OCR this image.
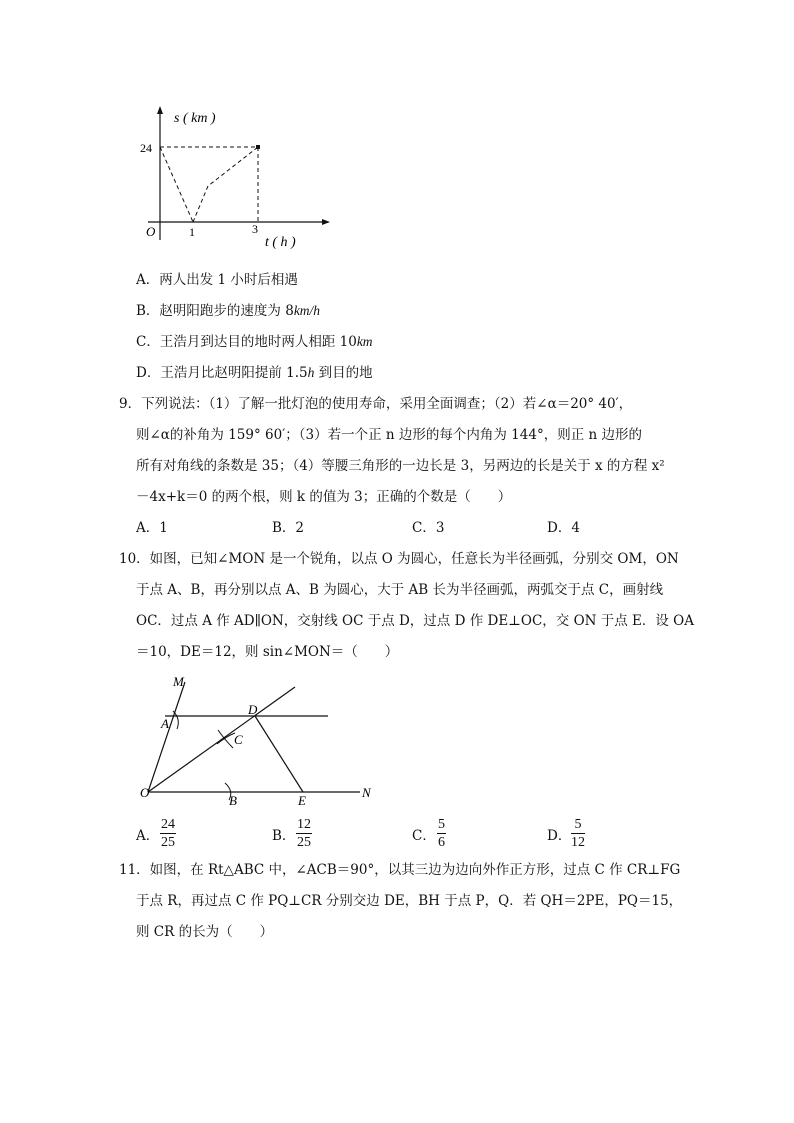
s ( km )
t ( h )
O
24
1	3
A．两人出发 1 小时后相遇
B．赵明阳跑步的速度为 8km/h
C．王浩月到达目的地时两人相距 10km
D．王浩月比赵明阳提前 1.5h 到目的地
9．下列说法：（1）了解一批灯泡的使用寿命，采用全面调查；（2）若∠α＝20° 40′，
则∠α的补角为 159° 60′；（3）若一个正 n 边形的每个内角为 144°，则正 n 边形的
所有对角线的条数是 35；（4）等腰三角形的一边长是 3，另两边的长是关于 x 的方程 x²
－4x+k＝0 的两个根，则 k 的值为 3；正确的个数是（　　）
A．1	B．2	C．3	D．4
10．如图，已知∠MON 是一个锐角，以点 O 为圆心，任意长为半径画弧，分别交 OM，ON
于点 A、B，再分别以点 A、B 为圆心，大于 AB 长为半径画弧，两弧交于点 C，画射线
OC．过点 A 作 AD∥ON，交射线 OC 于点 D，过点 D 作 DE⊥OC，交 ON 于点 E．设 OA
＝10，DE＝12，则 sin∠MON＝（　　）
M
A
D
C
O
B	E
N
A． $\frac{24}{25}$	B． $\frac{12}{25}$	C． $\frac{5}{6}$	D． $\frac{5}{12}$
11．如图，在 Rt△ABC 中，∠ACB＝90°，以其三边为边向外作正方形，过点 C 作 CR⊥FG
于点 R，再过点 C 作 PQ⊥CR 分别交边 DE，BH 于点 P，Q．若 QH＝2PE，PQ＝15，
则 CR 的长为（　　）
